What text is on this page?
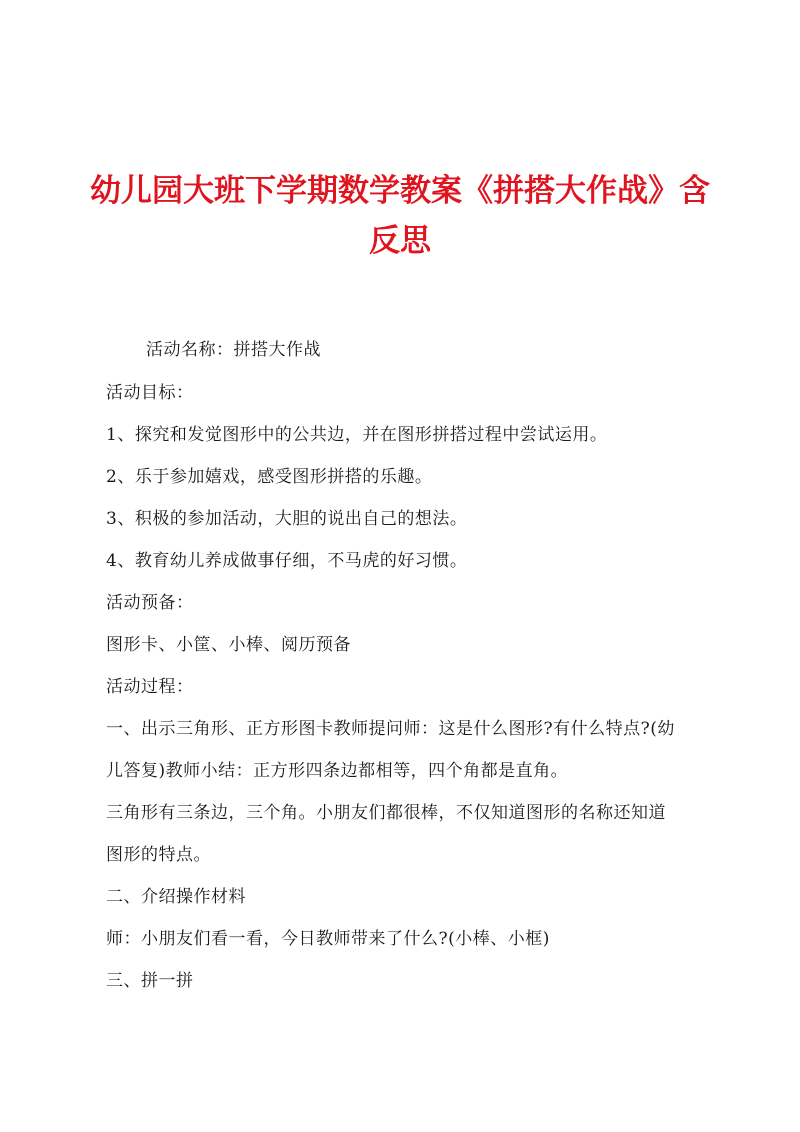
幼儿园大班下学期数学教案《拼搭大作战》含
反思

活动名称：拼搭大作战

活动目标：

1、探究和发觉图形中的公共边，并在图形拼搭过程中尝试运用。

2、乐于参加嬉戏，感受图形拼搭的乐趣。

3、积极的参加活动，大胆的说出自己的想法。

4、教育幼儿养成做事仔细，不马虎的好习惯。

活动预备：

图形卡、小筐、小棒、阅历预备

活动过程：

一、出示三角形、正方形图卡教师提问师：这是什么图形?有什么特点?(幼

儿答复)教师小结：正方形四条边都相等，四个角都是直角。

三角形有三条边，三个角。小朋友们都很棒，不仅知道图形的名称还知道

图形的特点。

二、介绍操作材料

师：小朋友们看一看，今日教师带来了什么?(小棒、小框)

三、拼一拼
